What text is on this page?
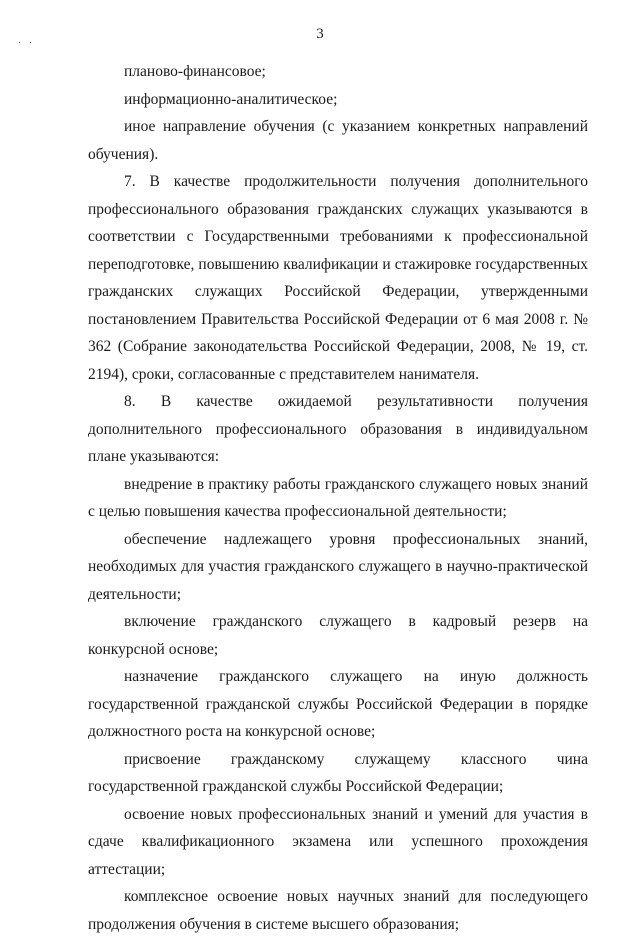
·   ·
3

планово-финансовое;

информационно-аналитическое;

иное направление обучения (с указанием конкретных направлений обучения).

7. В качестве продолжительности получения дополнительного профессионального образования гражданских служащих указываются в соответствии с Государственными требованиями к профессиональной переподготовке, повышению квалификации и стажировке государственных гражданских служащих Российской Федерации, утвержденными постановлением Правительства Российской Федерации от 6 мая 2008 г. № 362 (Собрание законодательства Российской Федерации, 2008, № 19, ст. 2194), сроки, согласованные с представителем нанимателя.

8. В качестве ожидаемой результативности получения дополнительного профессионального образования в индивидуальном плане указываются:

внедрение в практику работы гражданского служащего новых знаний с целью повышения качества профессиональной деятельности;

обеспечение надлежащего уровня профессиональных знаний, необходимых для участия гражданского служащего в научно-практической деятельности;

включение гражданского служащего в кадровый резерв на конкурсной основе;

назначение гражданского служащего на иную должность государственной гражданской службы Российской Федерации в порядке должностного роста на конкурсной основе;

присвоение гражданскому служащему классного чина государственной гражданской службы Российской Федерации;

освоение новых профессиональных знаний и умений для участия в сдаче квалификационного экзамена или успешного прохождения аттестации;

комплексное освоение новых научных знаний для последующего продолжения обучения в системе высшего образования;
